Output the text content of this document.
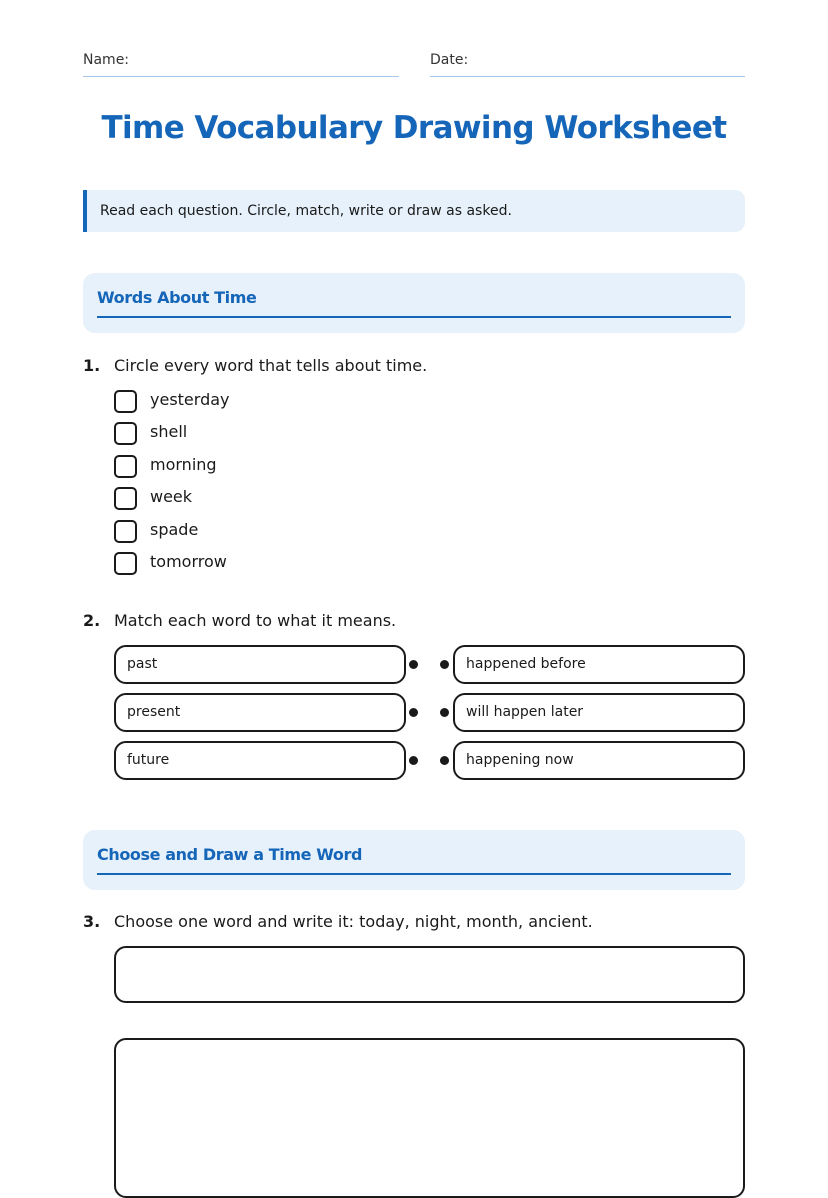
Name:	Date:
Time Vocabulary Drawing Worksheet
Read each question. Circle, match, write or draw as asked.
Words About Time
1. Circle every word that tells about time.
yesterday
shell
morning
week
spade
tomorrow
2. Match each word to what it means.
past	happened before
present	will happen later
future	happening now
Choose and Draw a Time Word
3. Choose one word and write it: today, night, month, ancient.
